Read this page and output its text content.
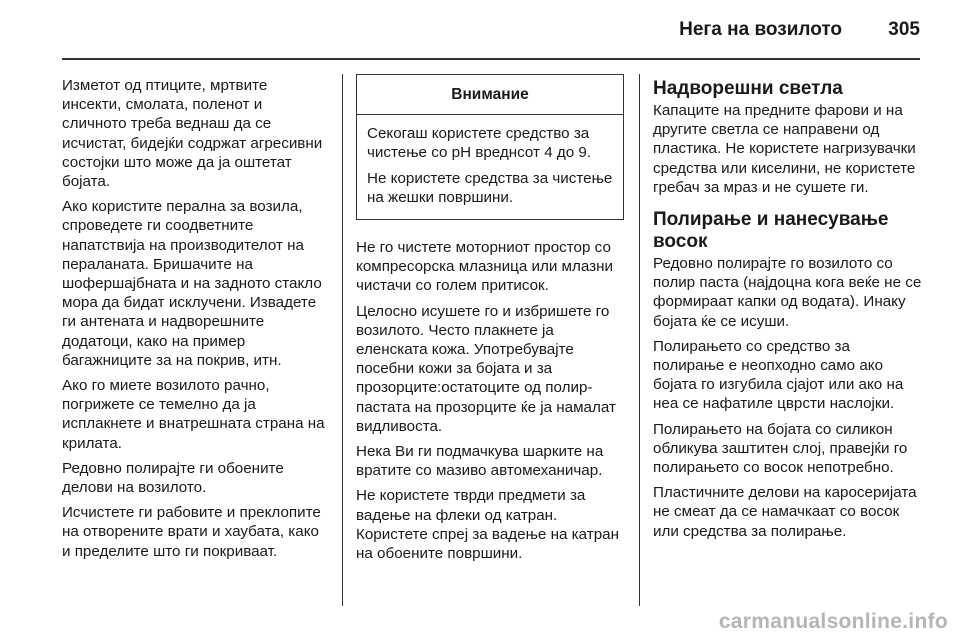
Нега на возилото 305

Изметот од птиците, мртвите инсекти, смолата, поленот и сличното треба веднаш да се исчистат, бидејќи содржат агресивни состојки што може да ја оштетат бојата.

Ако користите перална за возила, спроведете ги соодветните напатствија на производителот на пераланата. Бришачите на шофершајбната и на задното стакло мора да бидат исклучени. Извадете ги антената и надворешните додатоци, како на пример багажниците за на покрив, итн.

Ако го миете возилото рачно, погрижете се темелно да ја исплакнете и внатрешната страна на крилата.

Редовно полирајте ги обоените делови на возилото.

Исчистете ги рабовите и преклопите на отворените врати и хаубата, како и пределите што ги покриваат.

Внимание

Секогаш користете средство за чистење со pH вреднсот 4 до 9.

Не користете средства за чистење на жешки површини.

Не го чистете моторниот простор со компресорска млазница или млазни чистачи со голем притисок.

Целосно исушете го и избришете го возилото. Често плакнете ја еленската кожа. Употребувајте посебни кожи за бојата и за прозорците:остатоците од полир-пастата на прозорците ќе ја намалат видливоста.

Нека Ви ги подмачкува шарките на вратите со мазиво автомеханичар.

Не користете тврди предмети за вадење на флеки од катран. Користете спреј за вадење на катран на обоените површини.

Надворешни светла

Капаците на предните фарови и на другите светла се направени од пластика. Не користете нагризувачки средства или киселини, не користете гребач за мраз и не сушете ги.

Полирање и нанесување восок

Редовно полирајте го возилото со полир паста (најдоцна кога веќе не се формираат капки од водата). Инаку бојата ќе се исуши.

Полирањето со средство за полирање е неопходно само ако бојата го изгубила сјајот или ако на неа се нафатиле цврсти наслојки.

Полирањето на бојата со силикон обликува заштитен слој, правејќи го полирањето со восок непотребно.

Пластичните делови на каросеријата не смеат да се намачкаат со восок или средства за полирање.

carmanualsonline.info
